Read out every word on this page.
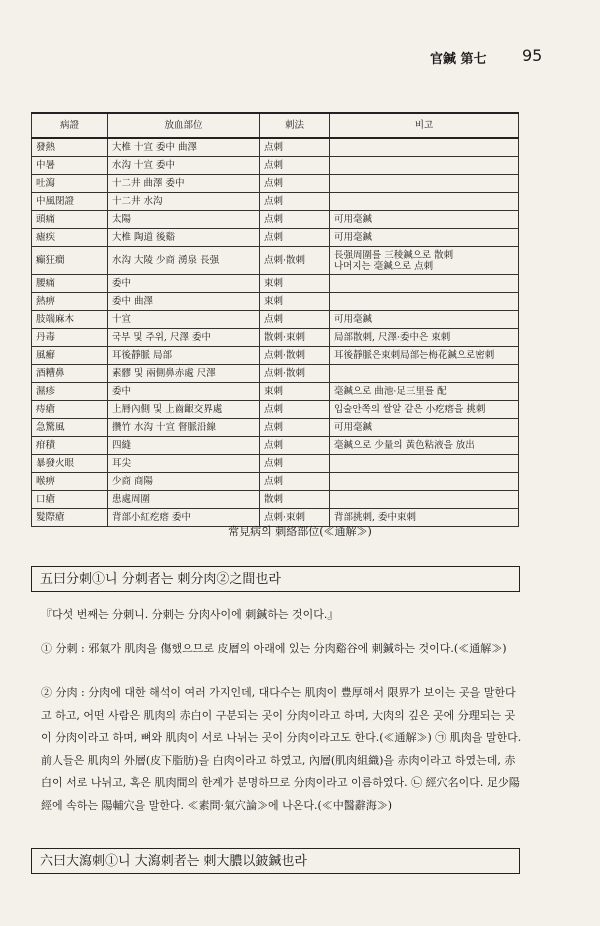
官鍼 第七 95
病證	放血部位	刺法	비고
發熱	大椎 十宣 委中 曲澤	点刺	
中暑	水沟 十宣 委中	点刺	
吐瀉	十二井 曲澤 委中	点刺	
中風閉證	十二井 水沟	点刺	
頭痛	太陽	点刺	可用毫鍼
瘧疾	大椎 陶道 後谿	点刺	可用毫鍼
癲狂癎	水沟 大陵 少商 湧泉 長强	点刺·散刺	長强周圍를 三稜鍼으로 散刺
나머지는 毫鍼으로 点刺

腰痛	委中	束刺	
熱痹	委中 曲澤	束刺	
肢端麻木	十宣	点刺	可用毫鍼
丹毒	국부 및 주위, 尺澤 委中	散刺·束刺	局部散刺, 尺澤·委中은 束刺
風癬	耳後靜脈 局部	点刺·散刺	耳後靜脈은束刺局部는梅花鍼으로密刺
酒糟鼻	素髎 및 兩側鼻赤處 尺澤	点刺·散刺	
濕疹	委中	束刺	毫鍼으로 曲池·足三里를 配
痔瘡	上脣內側 및 上齒齦交界處	点刺	입술안쪽의 쌀알 같은 小疙瘩을 挑刺
急驚風	攢竹 水沟 十宣 督脈沿線	点刺	可用毫鍼
疳積	四縫	点刺	毫鍼으로 少量의 黃色粘液을 放出
暴發火眼	耳尖	点刺	
喉痹	少商 商陽	点刺	
口瘡	患處周圍	散刺	
髮際瘡	背部小紅疙瘩 委中	点刺·束刺	背部挑刺, 委中束刺
常見病의 刺絡部位(≪通解≫)
五曰分刺①니 分刺者는 刺分肉②之間也라
『다섯 번째는 分刺니. 分刺는 分肉사이에 刺鍼하는 것이다.』
① 分刺 : 邪氣가 肌肉을 傷했으므로 皮層의 아래에 있는 分肉谿谷에 刺鍼하는 것이다.(≪通解≫)
② 分肉 : 分肉에 대한 해석이 여러 가지인데, 대다수는 肌肉이 豊厚해서 限界가 보이는 곳을 말한다고 하고, 어떤 사람은 肌肉의 赤白이 구분되는 곳이 分肉이라고 하며, 大肉의 깊은 곳에 分理되는 곳이 分肉이라고 하며, 뼈와 肌肉이 서로 나뉘는 곳이 分肉이라고도 한다.(≪通解≫) ㉠ 肌肉을 말한다. 前人들은 肌肉의 外層(皮下脂肪)을 白肉이라고 하였고, 內層(肌肉組織)을 赤肉이라고 하였는데, 赤白이 서로 나뉘고, 혹은 肌肉間의 한계가 분명하므로 分肉이라고 이름하였다. ㉡ 經穴名이다. 足少陽經에 속하는 陽輔穴을 말한다. ≪素問·氣穴論≫에 나온다.(≪中醫辭海≫)
六曰大瀉刺①니 大瀉刺者는 刺大膿以鈹鍼也라
